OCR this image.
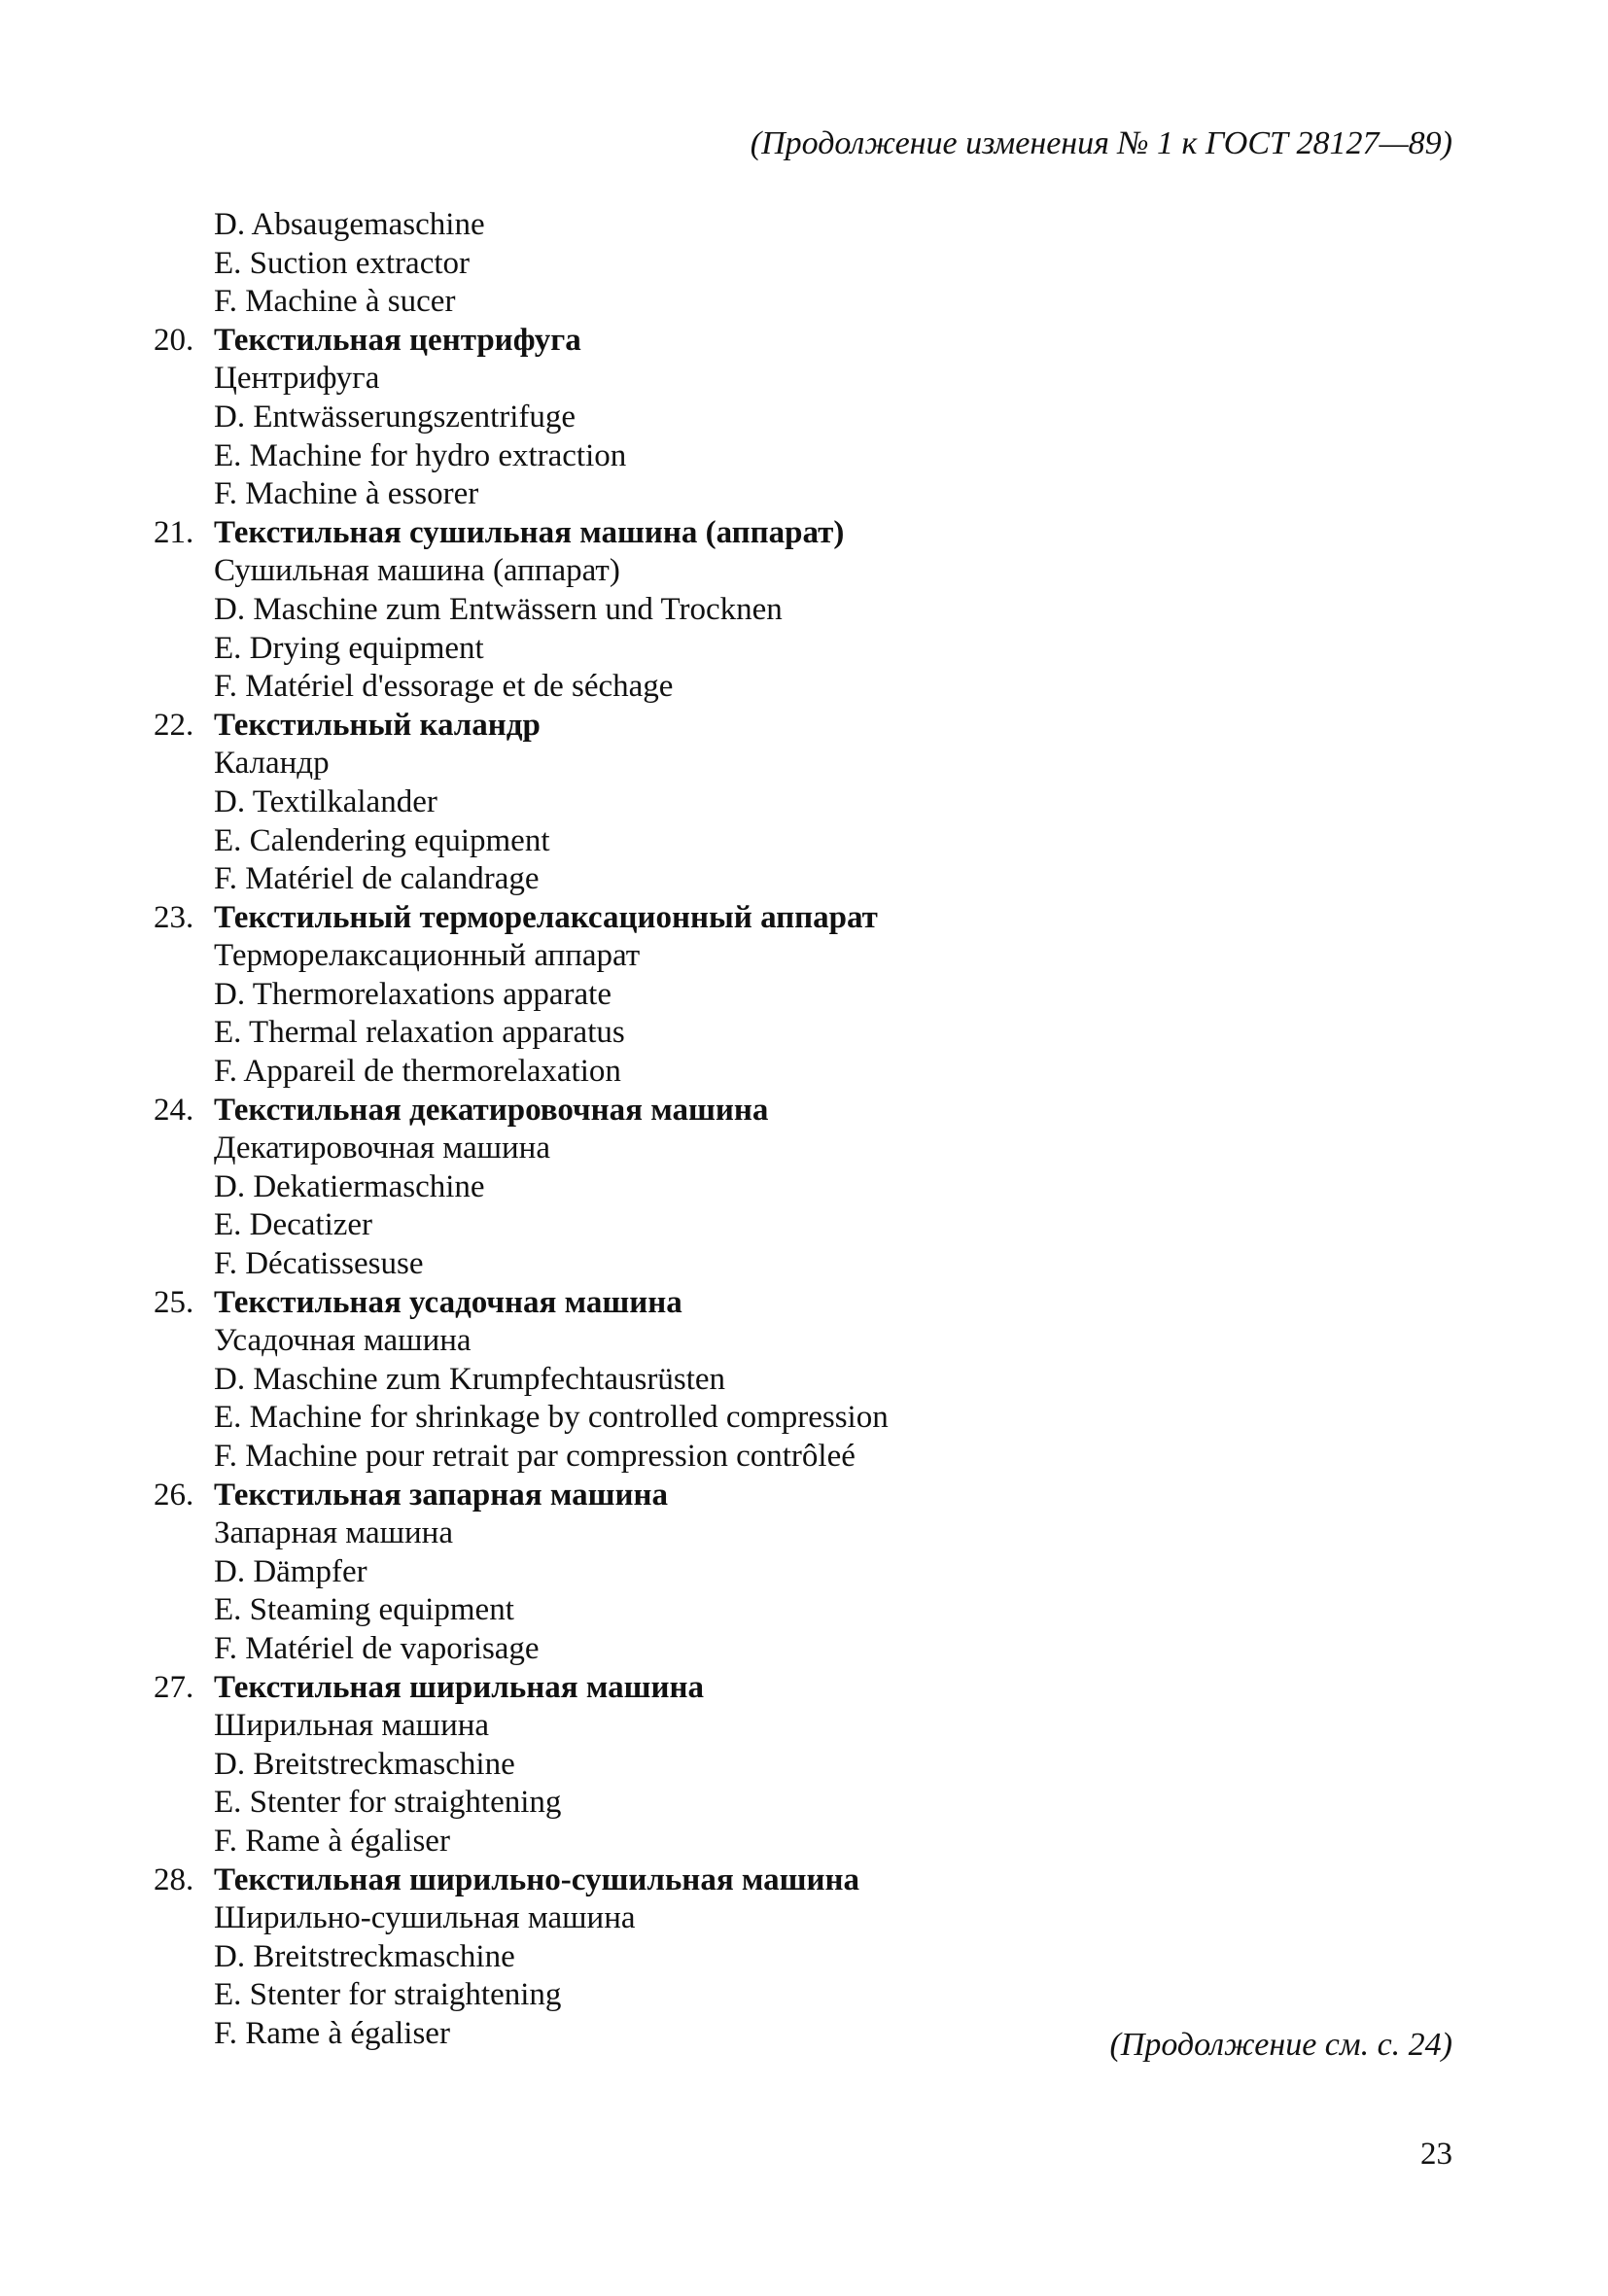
(Продолжение изменения № 1 к ГОСТ 28127—89)

D. Absaugemaschine
E. Suction extractor
F. Machine à sucer
20. Текстильная центрифуга
Центрифуга
D. Entwässerungszentrifuge
E. Machine for hydro extraction
F. Machine à essorer
21. Текстильная сушильная машина (аппарат)
Сушильная машина (аппарат)
D. Maschine zum Entwässern und Trocknen
E. Drying equipment
F. Matériel d'essorage et de séchage
22. Текстильный каландр
Каландр
D. Textilkalander
E. Calendering equipment
F. Matériel de calandrage
23. Текстильный терморелаксационный аппарат
Терморелаксационный аппарат
D. Thermorelaxations apparate
E. Thermal relaxation apparatus
F. Appareil de thermorelaxation
24. Текстильная декатировочная машина
Декатировочная машина
D. Dekatiermaschine
E. Decatizer
F. Décatissesuse
25. Текстильная усадочная машина
Усадочная машина
D. Maschine zum Krumpfechtausrüsten
E. Machine for shrinkage by controlled compression
F. Machine pour retrait par compression contrôleé
26. Текстильная запарная машина
Запарная машина
D. Dämpfer
E. Steaming equipment
F. Matériel de vaporisage
27. Текстильная ширильная машина
Ширильная машина
D. Breitstreckmaschine
E. Stenter for straightening
F. Rame à égaliser
28. Текстильная ширильно-сушильная машина
Ширильно-сушильная машина
D. Breitstreckmaschine
E. Stenter for straightening
F. Rame à égaliser	(Продолжение см. с. 24)

23
